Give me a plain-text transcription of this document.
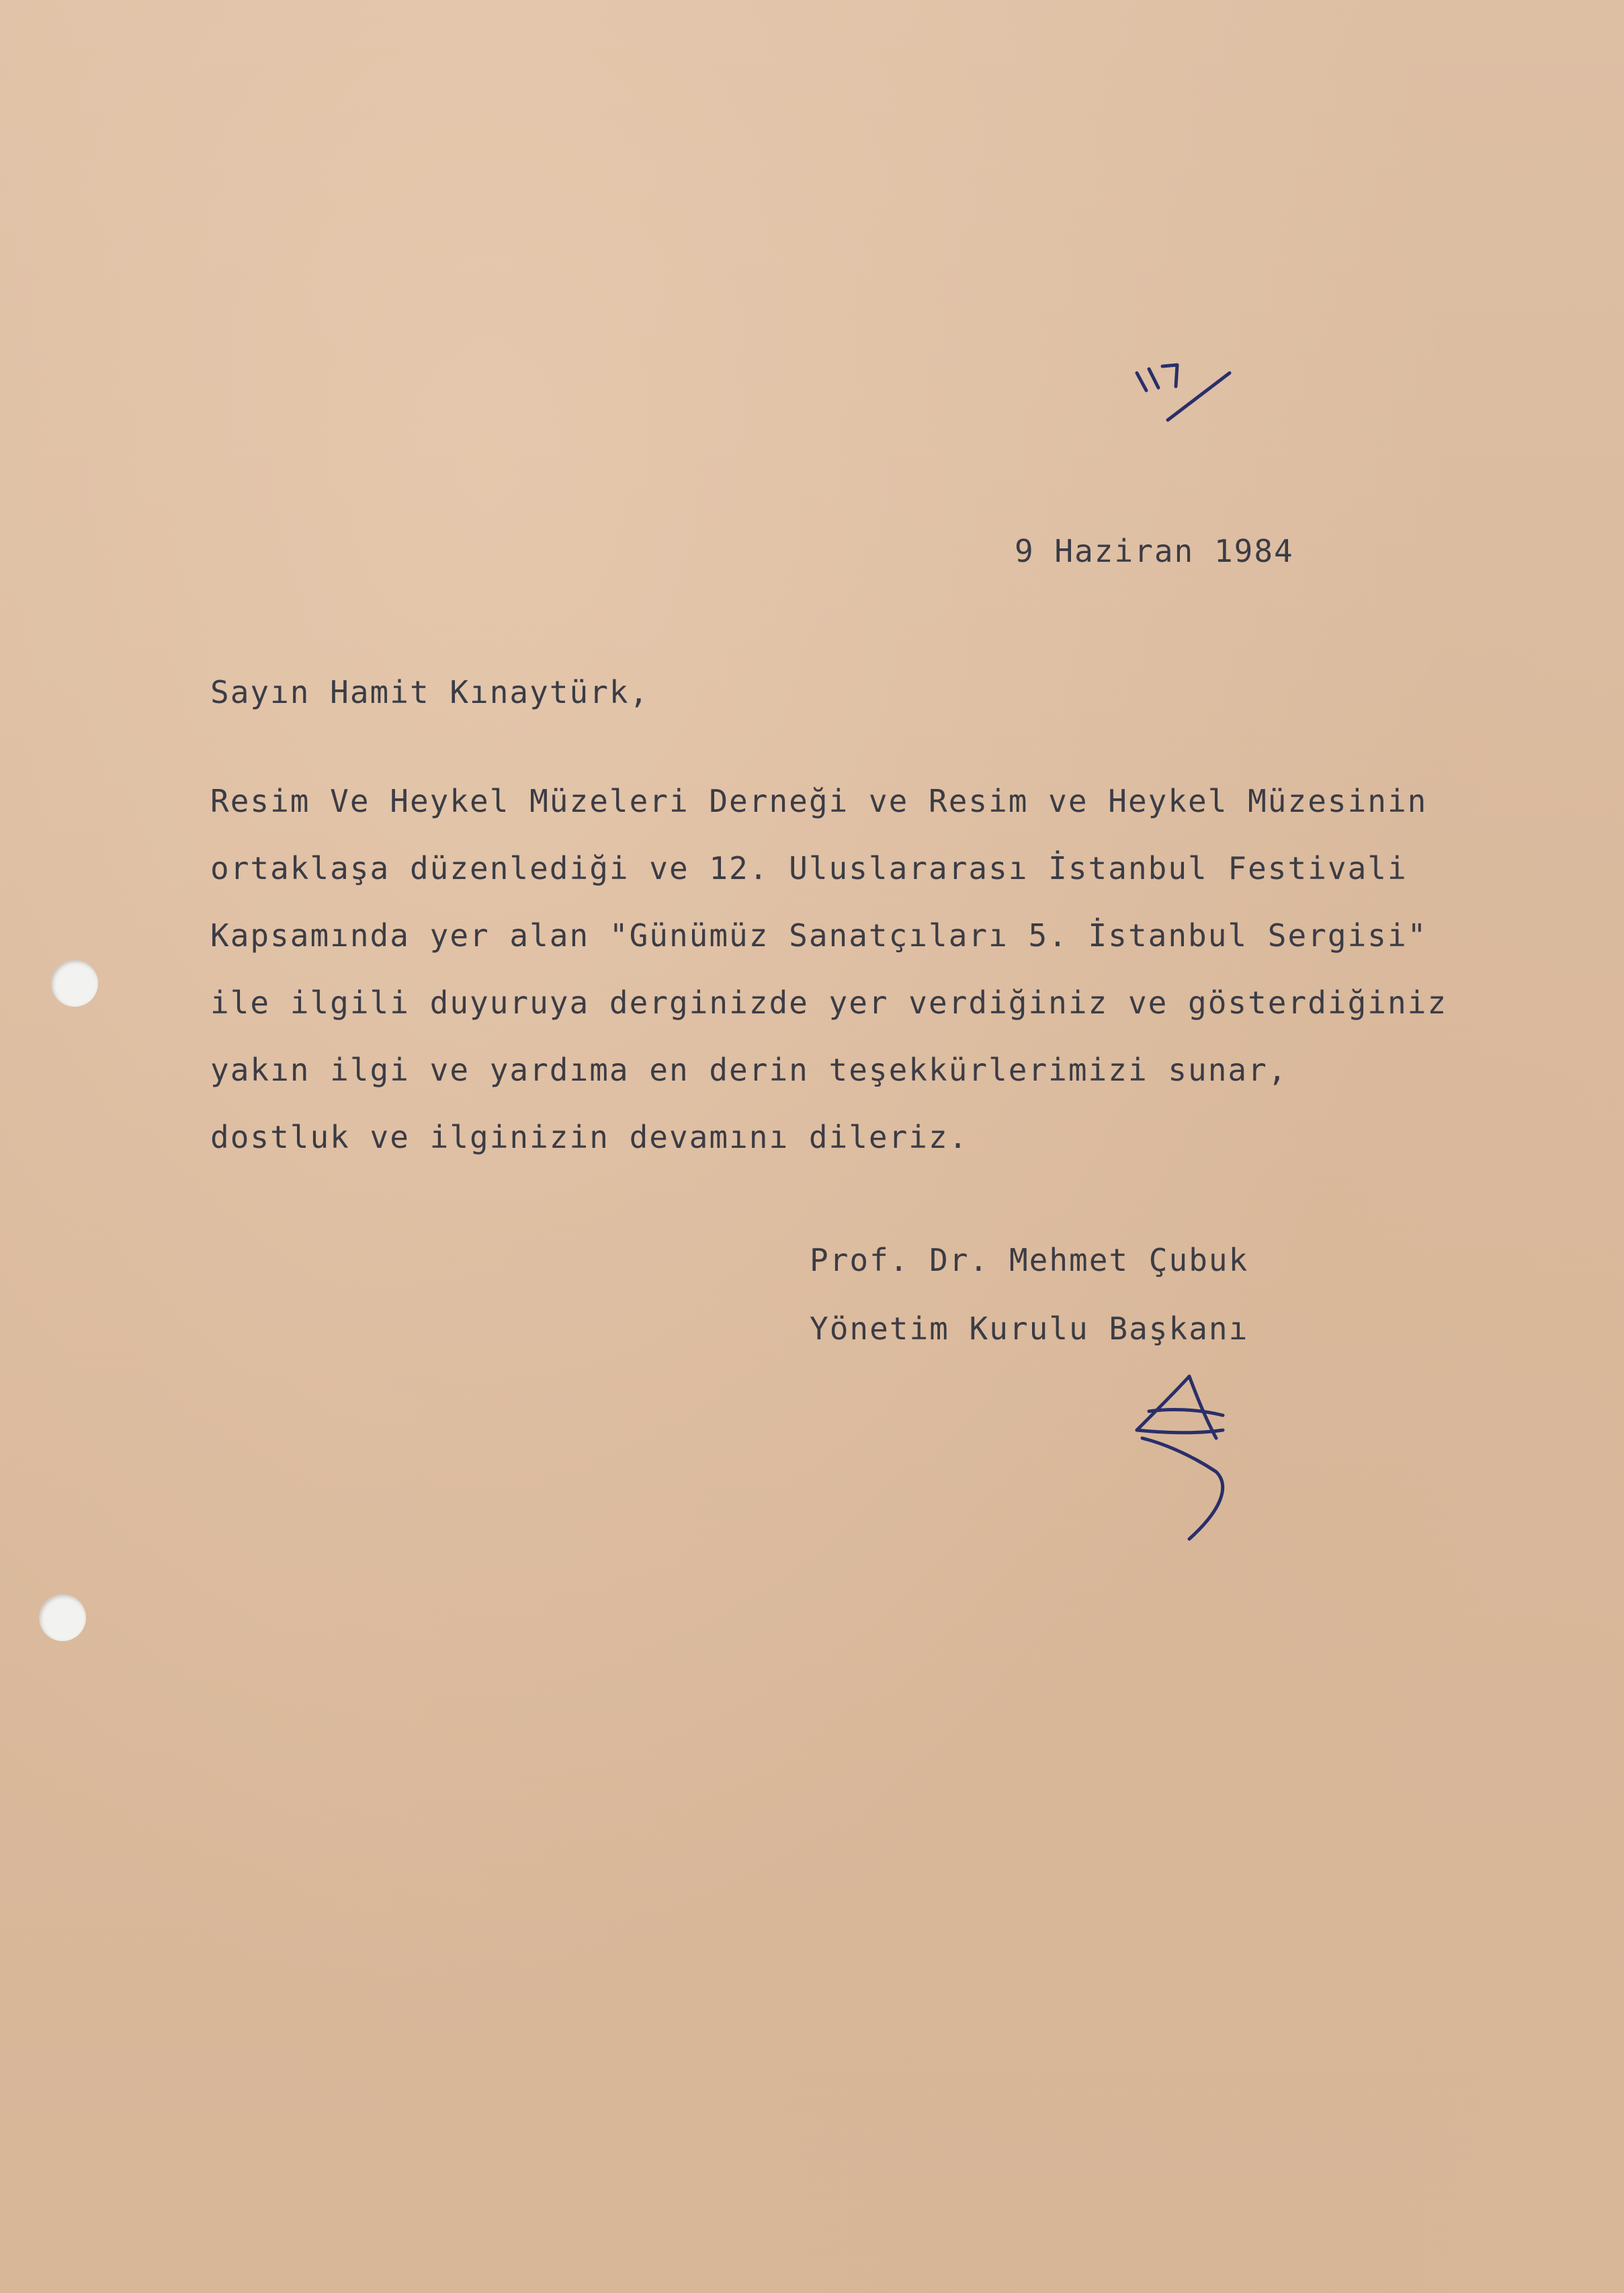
9 Haziran 1984
Sayın Hamit Kınaytürk,
Resim Ve Heykel Müzeleri Derneği ve Resim ve Heykel Müzesinin
ortaklaşa düzenlediği ve 12. Uluslararası İstanbul Festivali
Kapsamında yer alan "Günümüz Sanatçıları 5. İstanbul Sergisi"
ile ilgili duyuruya derginizde yer verdiğiniz ve gösterdiğiniz
yakın ilgi ve yardıma en derin teşekkürlerimizi sunar,
dostluk ve ilginizin devamını dileriz.
Prof. Dr. Mehmet Çubuk
Yönetim Kurulu Başkanı
